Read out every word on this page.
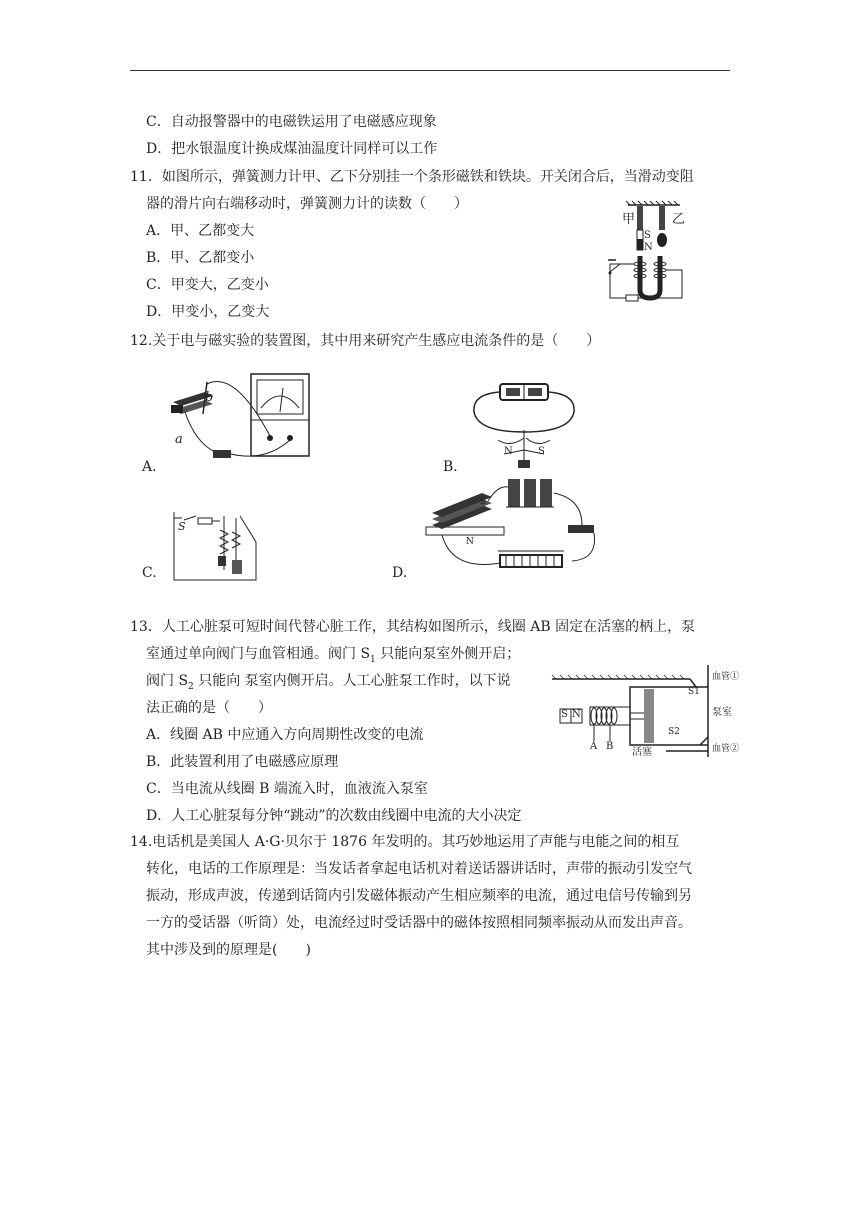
C．自动报警器中的电磁铁运用了电磁感应现象
D．把水银温度计换成煤油温度计同样可以工作
11．如图所示，弹簧测力计甲、乙下分别挂一个条形磁铁和铁块。开关闭合后，当滑动变阻
器的滑片向右端移动时，弹簧测力计的读数（　　）
A．甲、乙都变大
B．甲、乙都变小
C．甲变大，乙变小
D．甲变小，乙变大
甲	乙
S
N
12.关于电与磁实验的装置图，其中用来研究产生感应电流条件的是（　　）
b
a
A.
N	S
B.
S
C.
S
N
D.
13．人工心脏泵可短时间代替心脏工作，其结构如图所示，线圈 AB 固定在活塞的柄上，泵
室通过单向阀门与血管相通。阀门 $S_1$ 只能向泵室外侧开启；
阀门 $S_2$ 只能向 泵室内侧开启。人工心脏泵工作时，以下说
法正确的是（　　）
A．线圈 AB 中应通入方向周期性改变的电流
B．此装置利用了电磁感应原理
C．当电流从线圈 B 端流入时，血液流入泵室
D．人工心脏泵每分钟“跳动”的次数由线圈中电流的大小决定
S N
A B
活塞
S1
S2
泵室
血管①
血管②
14.电话机是美国人 A·G·贝尔于 1876 年发明的。其巧妙地运用了声能与电能之间的相互
转化，电话的工作原理是：当发话者拿起电话机对着送话器讲话时，声带的振动引发空气
振动，形成声波，传递到话筒内引发磁体振动产生相应频率的电流，通过电信号传输到另
一方的受话器（听筒）处，电流经过时受话器中的磁体按照相同频率振动从而发出声音。
其中涉及到的原理是(　　)
